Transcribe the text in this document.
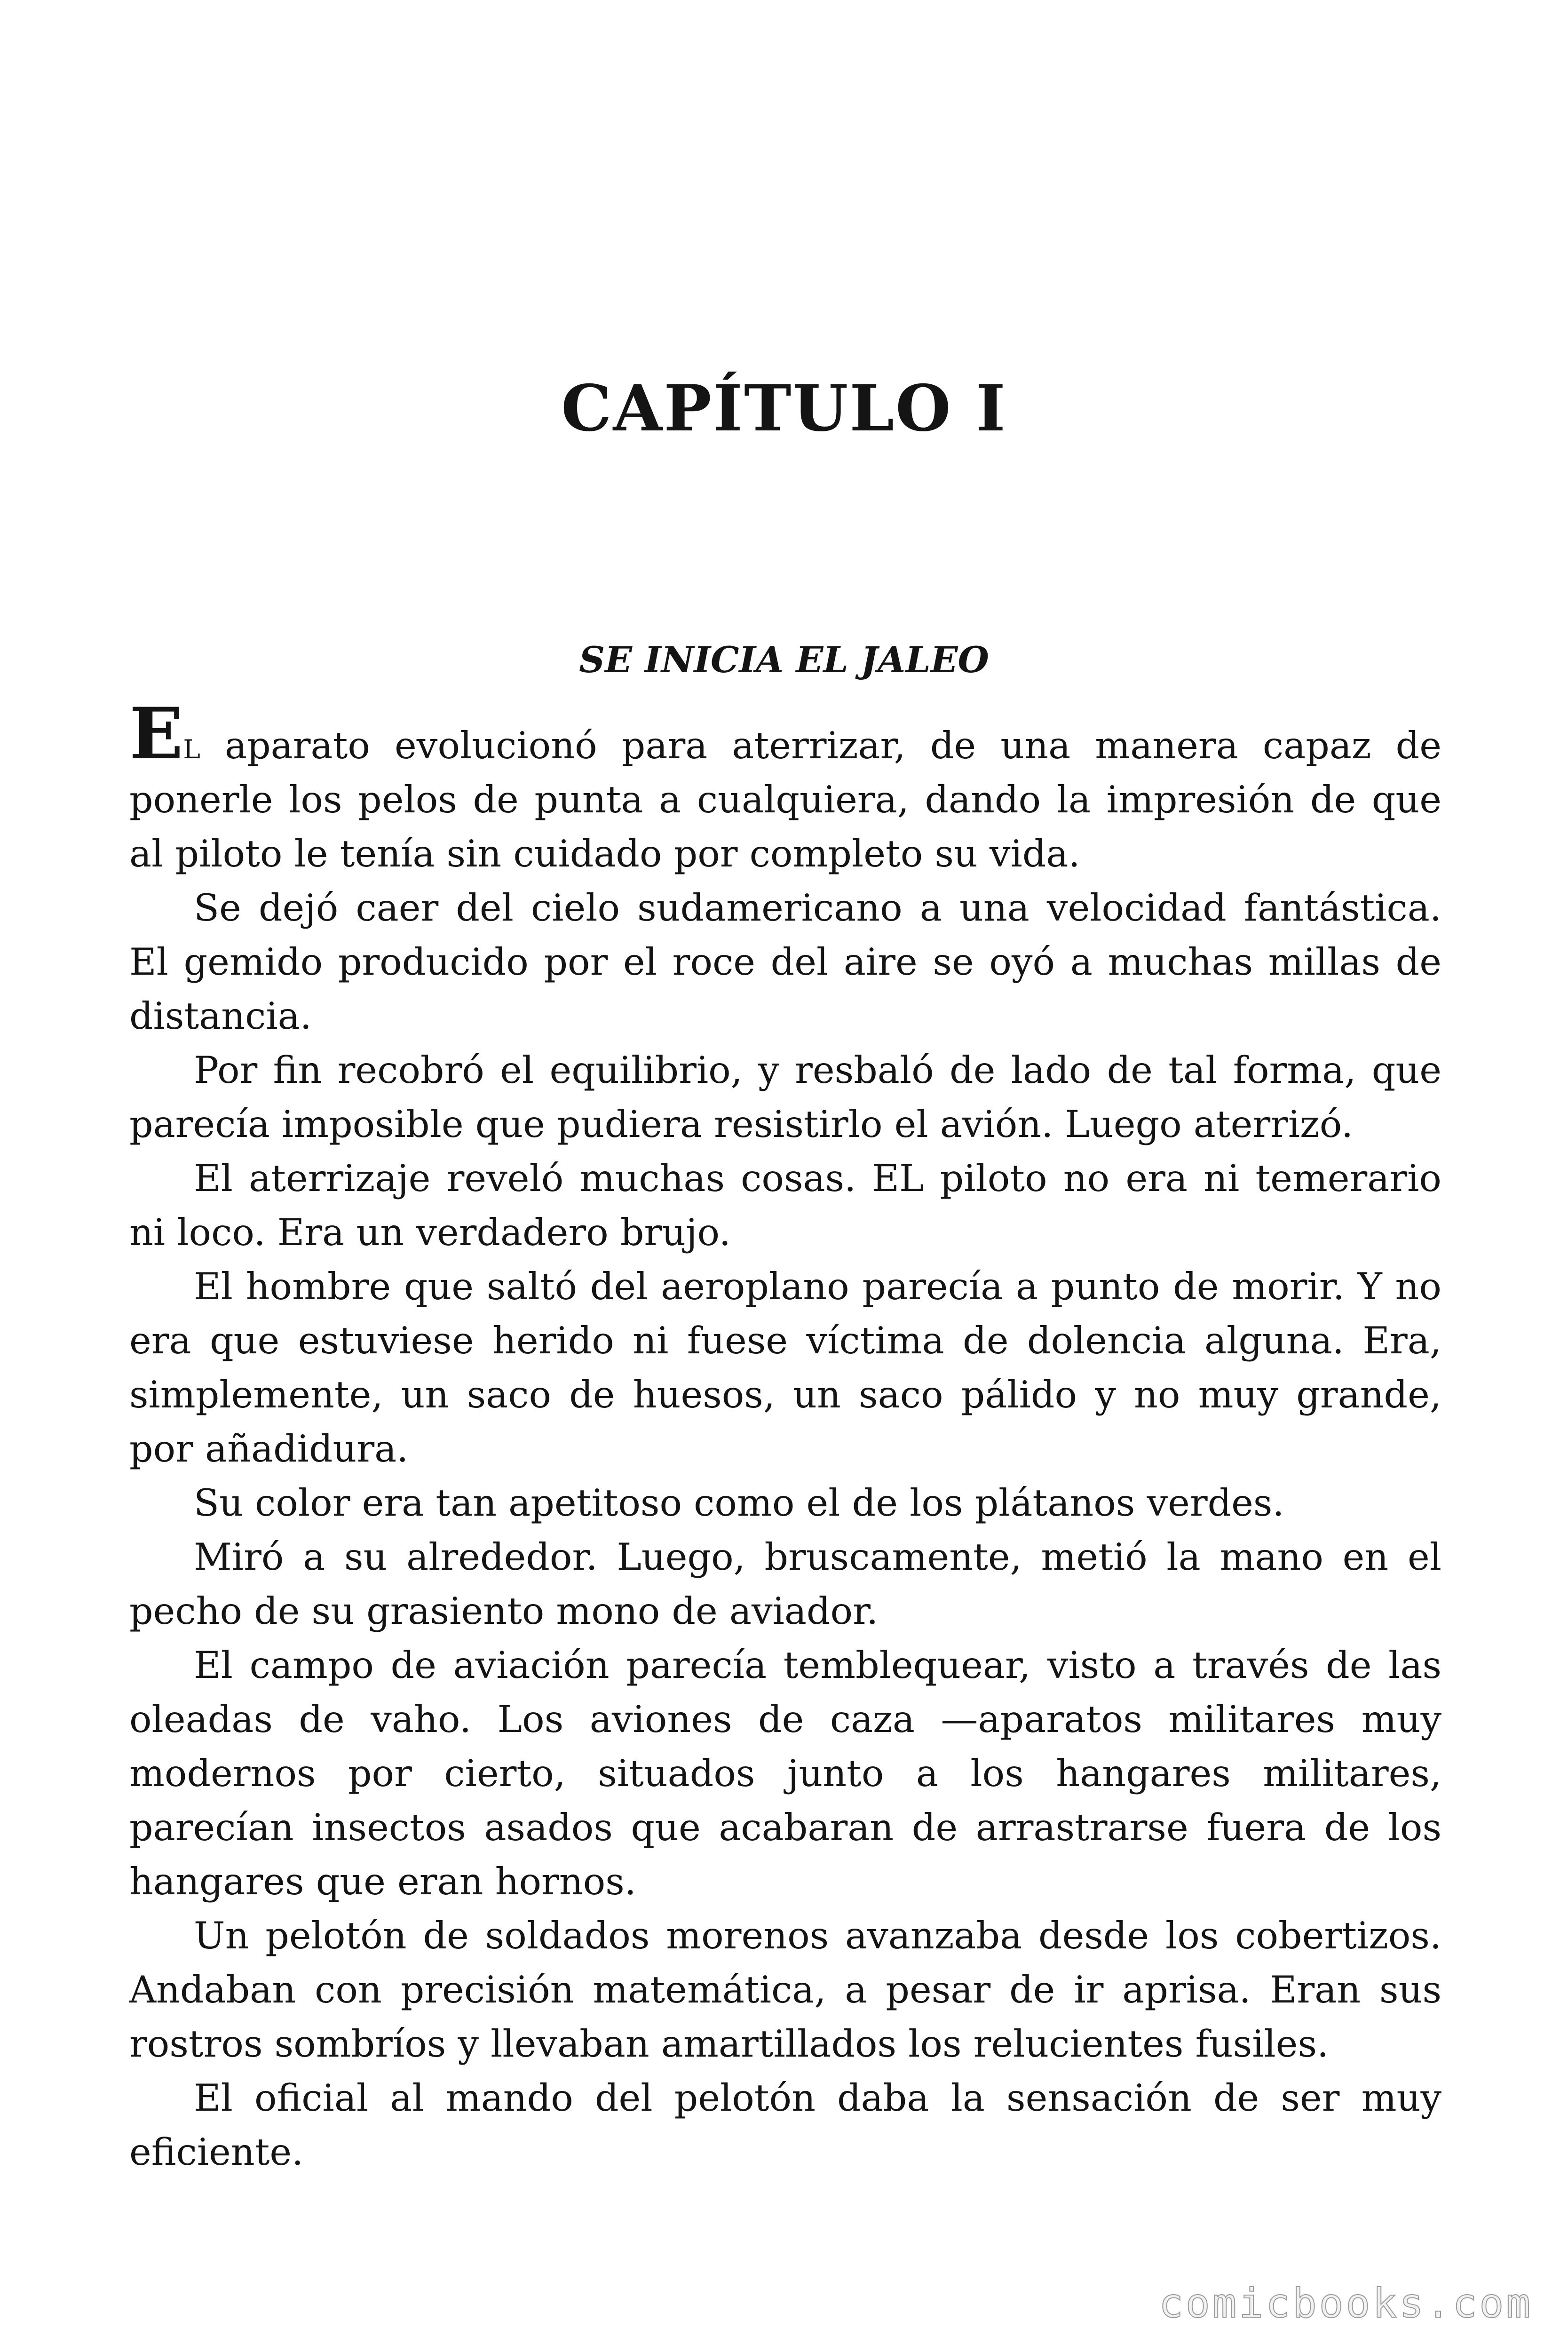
CAPÍTULO I
SE INICIA EL JALEO

El aparato evolucionó para aterrizar, de una manera capaz de ponerle los pelos de punta a cualquiera, dando la impresión de que al piloto le tenía sin cuidado por completo su vida.

Se dejó caer del cielo sudamericano a una velocidad fantástica. El gemido producido por el roce del aire se oyó a muchas millas de distancia.

Por fin recobró el equilibrio, y resbaló de lado de tal forma, que parecía imposible que pudiera resistirlo el avión. Luego aterrizó.

El aterrizaje reveló muchas cosas. EL piloto no era ni temerario ni loco. Era un verdadero brujo.

El hombre que saltó del aeroplano parecía a punto de morir. Y no era que estuviese herido ni fuese víctima de dolencia alguna. Era, simplemente, un saco de huesos, un saco pálido y no muy grande, por añadidura.

Su color era tan apetitoso como el de los plátanos verdes.

Miró a su alrededor. Luego, bruscamente, metió la mano en el pecho de su grasiento mono de aviador.

El campo de aviación parecía temblequear, visto a través de las oleadas de vaho. Los aviones de caza —aparatos militares muy modernos por cierto, situados junto a los hangares militares, parecían insectos asados que acabaran de arrastrarse fuera de los hangares que eran hornos.

Un pelotón de soldados morenos avanzaba desde los cobertizos. Andaban con precisión matemática, a pesar de ir aprisa. Eran sus rostros sombríos y llevaban amartillados los relucientes fusiles.

El oficial al mando del pelotón daba la sensación de ser muy eficiente.

comicbooks.com
